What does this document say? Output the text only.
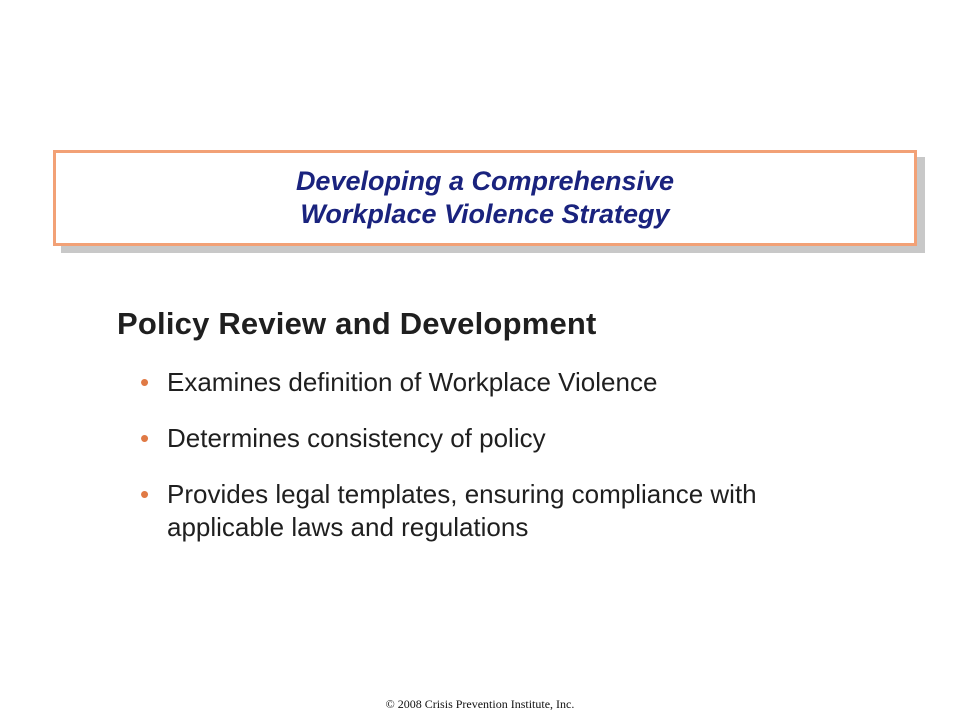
Developing a Comprehensive
Workplace Violence Strategy
Policy Review and Development
• Examines definition of Workplace Violence
• Determines consistency of policy
• Provides legal templates, ensuring compliance with applicable laws and regulations
© 2008 Crisis Prevention Institute, Inc.
